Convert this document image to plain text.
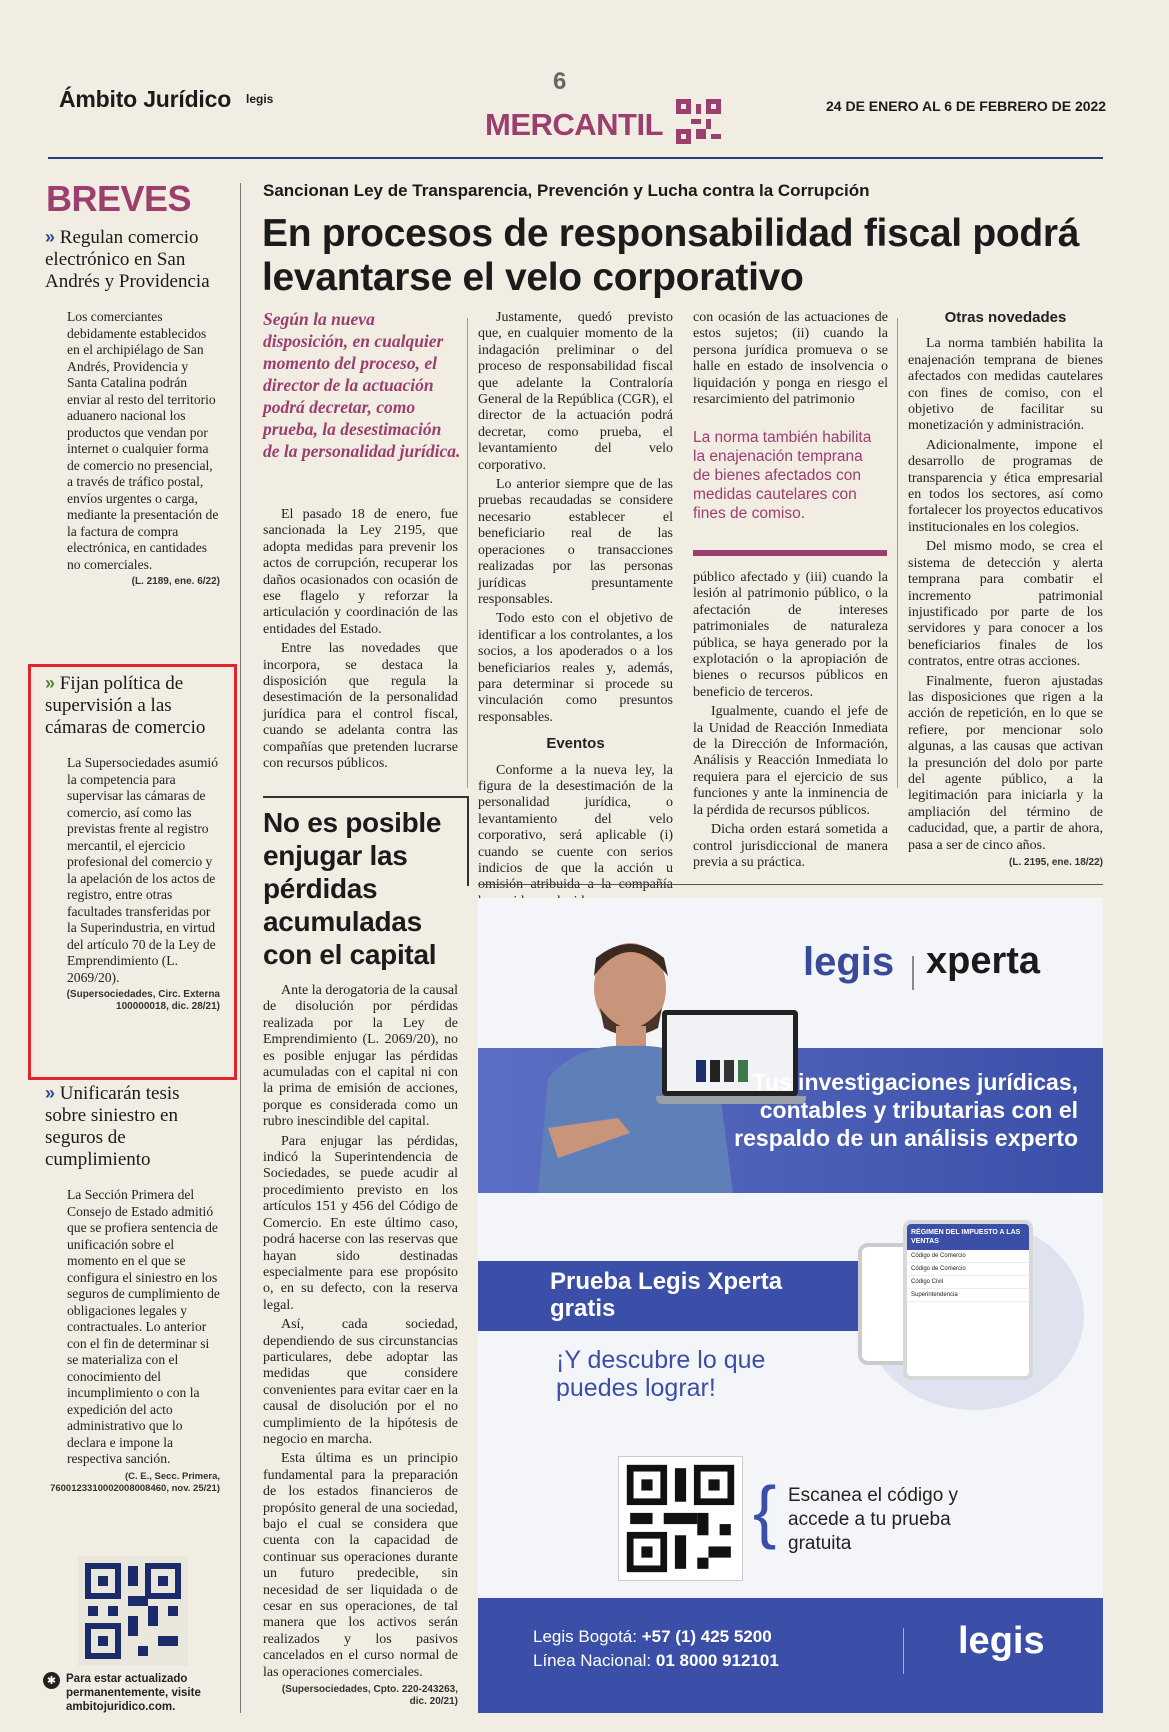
Ámbito Jurídico legis
6
MERCANTIL
24 DE ENERO AL 6 DE FEBRERO DE 2022
BREVES
» Regulan comercio electrónico en San Andrés y Providencia
Los comerciantes debidamente establecidos en el archipiélago de San Andrés, Providencia y Santa Catalina podrán enviar al resto del territorio aduanero nacional los productos que vendan por internet o cualquier forma de comercio no presencial, a través de tráfico postal, envíos urgentes o carga, mediante la presentación de la factura de compra electrónica, en cantidades no comerciales.
(L. 2189, ene. 6/22)
» Fijan política de supervisión a las cámaras de comercio
La Supersociedades asumió la competencia para supervisar las cámaras de comercio, así como las previstas frente al registro mercantil, el ejercicio profesional del comercio y la apelación de los actos de registro, entre otras facultades transferidas por la Superindustria, en virtud del artículo 70 de la Ley de Emprendimiento (L. 2069/20).
(Supersociedades, Circ. Externa 100000018, dic. 28/21)
» Unificarán tesis sobre siniestro en seguros de cumplimiento
La Sección Primera del Consejo de Estado admitió que se profiera sentencia de unificación sobre el momento en el que se configura el siniestro en los seguros de cumplimiento de obligaciones legales y contractuales. Lo anterior con el fin de determinar si se materializa con el conocimiento del incumplimiento o con la expedición del acto administrativo que lo declara e impone la respectiva sanción.
(C. E., Secc. Primera, 76001233100020080084​60, nov. 25/21)
✱ Para estar actualizado permanentemente, visite ambitojuridico.com.
Sancionan Ley de Transparencia, Prevención y Lucha contra la Corrupción
En procesos de responsabilidad fiscal podrá levantarse el velo corporativo
Según la nueva disposición, en cualquier momento del proceso, el director de la actuación podrá decretar, como prueba, la desestimación de la personalidad jurídica.

El pasado 18 de enero, fue sancionada la Ley 2195, que adopta medidas para prevenir los actos de corrupción, recuperar los daños ocasionados con ocasión de ese flagelo y reforzar la articulación y coordinación de las entidades del Estado.

Entre las novedades que incorpora, se destaca la disposición que regula la desestimación de la personalidad jurídica para el control fiscal, cuando se adelanta contra las compañías que pretenden lucrarse con recursos públicos.

Justamente, quedó previsto que, en cualquier momento de la indagación preliminar o del proceso de responsabilidad fiscal que adelante la Contraloría General de la República (CGR), el director de la actuación podrá decretar, como prueba, el levantamiento del velo corporativo.

Lo anterior siempre que de las pruebas recaudadas se considere necesario establecer el beneficiario real de las operaciones o transacciones realizadas por las personas jurídicas presuntamente responsables.

Todo esto con el objetivo de identificar a los controlantes, a los socios, a los apoderados o a los beneficiarios reales y, además, para determinar si procede su vinculación como presuntos responsables.

Eventos

Conforme a la nueva ley, la figura de la desestimación de la personalidad jurídica, o levantamiento del velo corporativo, será aplicable (i) cuando se cuente con serios indicios de que la acción u

con ocasión de las actuaciones de estos sujetos; (ii) cuando la persona jurídica promueva o se halle en estado de insolvencia o liquidación y ponga en riesgo el resarcimiento del patrimonio

La norma también habilita la enajenación temprana de bienes afectados con medidas cautelares con fines de comiso.

público afectado y (iii) cuando la lesión al patrimonio público, o la afectación de intereses patrimoniales de naturaleza pública, se haya generado por la explotación o la apropiación de bienes o recursos públicos en beneficio de terceros.

Igualmente, cuando el jefe de la Unidad de Reacción Inmediata de la Dirección de Información, Análisis y Reacción Inmediata lo requiera para el ejercicio de sus funciones y ante la inminencia de la pérdida de recursos públicos.

Dicha orden estará sometida a control jurisdiccional de manera previa a su práctica.

Otras novedades

La norma también habilita la enajenación temprana de bienes afectados con medidas cautelares con fines de comiso, con el objetivo de facilitar su monetización y administración.

Adicionalmente, impone el desarrollo de programas de transparencia y ética empresarial en todos los sectores, así como fortalecer los proyectos educativos institucionales en los colegios.

Del mismo modo, se crea el sistema de detección y alerta temprana para combatir el incremento patrimonial injustificado por parte de los servidores y para conocer a los beneficiarios finales de los contratos, entre otras acciones.

Finalmente, fueron ajustadas las disposiciones que rigen a la acción de repetición, en lo que se refiere, por mencionar solo algunas, a las causas que activan la presunción del dolo por parte del agente público, a la legitimación para iniciarla y la ampliación del término de caducidad, que, a partir de ahora, pasa a ser de cinco años.

(L. 2195, ene. 18/22)
No es posible enjugar las pérdidas acumuladas con el capital

Ante la derogatoria de la causal de disolución por pérdidas realizada por la Ley de Emprendimiento (L. 2069/20), no es posible enjugar las pérdidas acumuladas con el capital ni con la prima de emisión de acciones, porque es considerada como un rubro inescindible del capital.

Para enjugar las pérdidas, indicó la Superintendencia de Sociedades, se puede acudir al procedimiento previsto en los artículos 151 y 456 del Código de Comercio. En este último caso, podrá hacerse con las reservas que hayan sido destinadas especialmente para ese propósito o, en su defecto, con la reserva legal.

Así, cada sociedad, dependiendo de sus circunstancias particulares, debe adoptar las medidas que considere convenientes para evitar caer en la causal de disolución por el no cumplimiento de la hipótesis de negocio en marcha.

Esta última es un principio fundamental para la preparación de los estados financieros de propósito general de una sociedad, bajo el cual se considera que cuenta con la capacidad de continuar sus operaciones durante un futuro predecible, sin necesidad de ser liquidada o de cesar en sus operaciones, de tal manera que los activos serán realizados y los pasivos cancelados en el curso normal de las operaciones comerciales.

(Supersociedades, Cpto. 220-243263, dic. 20/21)
legis xperta
Tus investigaciones jurídicas, contables y tributarias con el respaldo de un análisis experto
Prueba Legis Xperta gratis
¡Y descubre lo que puedes lograr!
RÉGIMEN DEL IMPUESTO A LAS VENTAS
Código de Comercio
Código de Comercio
Código Civil
Superintendencia
{ Escanea el código y accede a tu prueba gratuita
Legis Bogotá: +57 (1) 425 5200
Línea Nacional: 01 8000 912101	legis
